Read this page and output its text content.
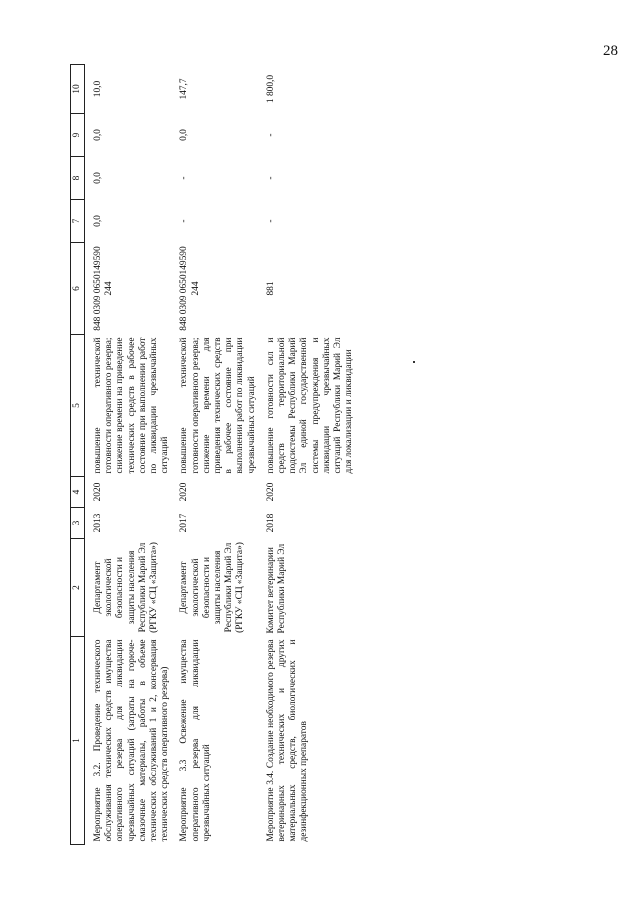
28
1	2	3	4	5	6	7	8	9	10
Мероприятие 3.2. Проведение технического обслуживания технических средств имущества оперативного резерва для ликвидации чрезвычайных ситуаций (затраты на горюче-смазочные материалы, работы в объеме технических обслуживаний 1 и 2, консервация технических средств оперативного резерва)	Департамент экологической безопасности и защиты населения Республики Марий Эл (РГКУ «СЦ «Защита»)	2013	2020	повышение технической готовности оперативного резерва; снижение времени на приведение технических средств в рабочее состояние при выполнении работ по ликвидации чрезвычайных ситуаций	848 0309 0650149590 244	0,0	0,0	0,0	10,0
Мероприятие 3.3 Освежение имущества оперативного резерва для ликвидации чрезвычайных ситуаций	Департамент экологической безопасности и защиты населения Республики Марий Эл (РГКУ «СЦ «Защита»)	2017	2020	повышение технической готовности оперативного резерва; снижение времени для приведения технических средств в рабочее состояние при выполнении работ по ликвидации чрезвычайных ситуаций	848 0309 0650149590 244	-	-	0,0	147,7
Мероприятие 3.4. Создание необходимого резерва ветеринарных технических и других материальных средств, биологических и дезинфекционных препаратов	Комитет ветеринарии Республики Марий Эл	2018	2020	повышение готовности сил и средств территориальной подсистемы Республики Марий Эл единой государственной системы предупреждения и ликвидации чрезвычайных ситуаций Республики Марий Эл для локализации и ликвидации	881	-	-	-	1 800,0
